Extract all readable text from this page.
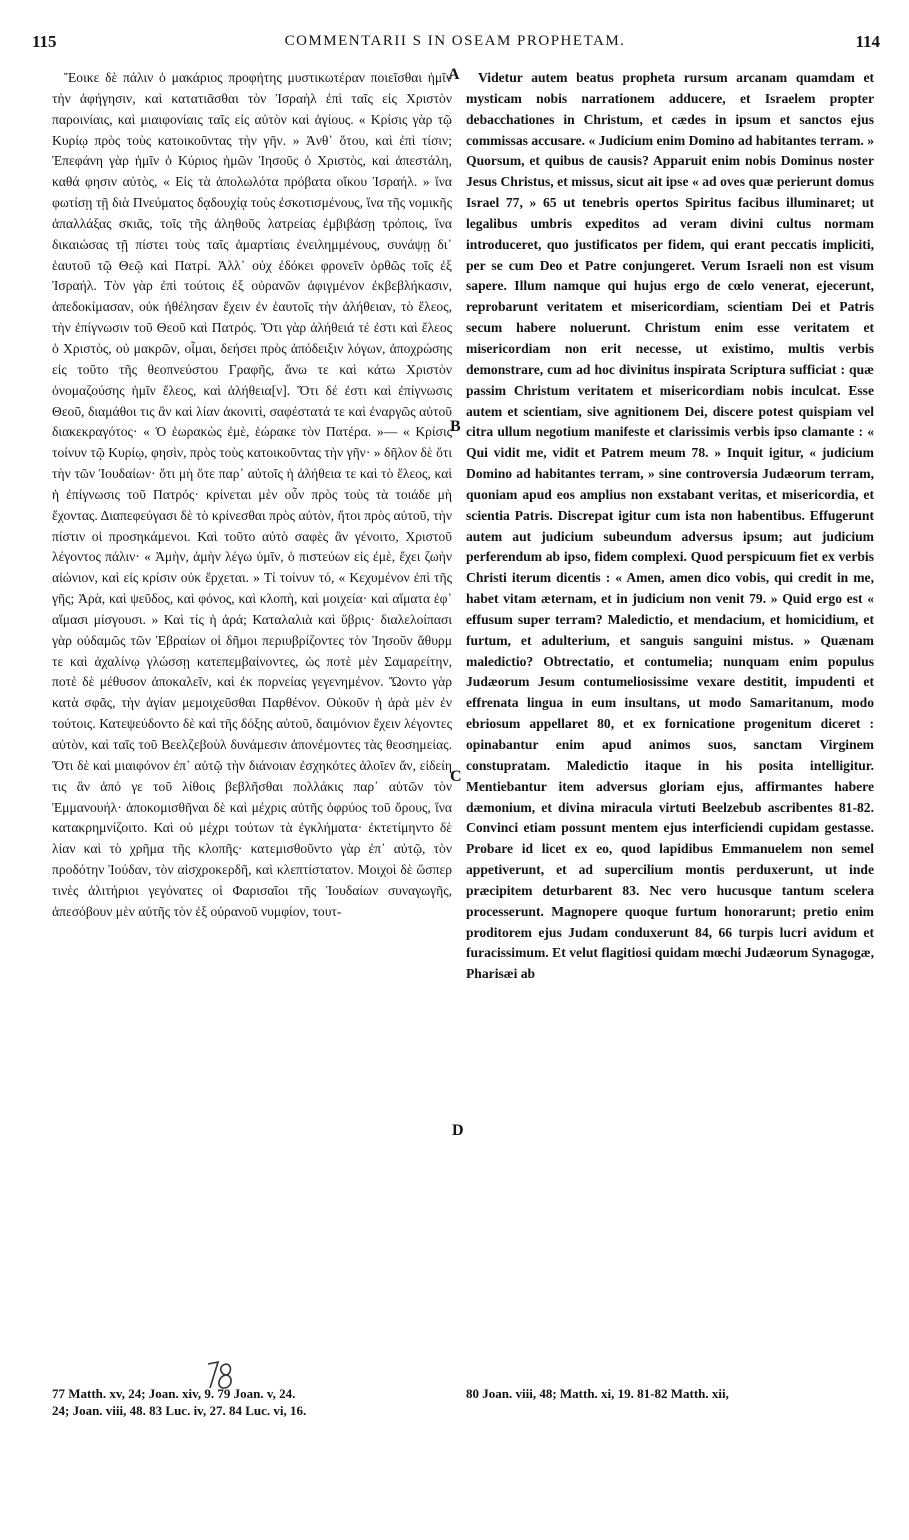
115	COMMENTARII S IN OSEAM PROPHETAM.	114

Ἔοικε δὲ πάλιν ὁ μακάριος προφήτης μυστικωτέραν ποιεῖσθαι ἡμῖν τὴν ἀφήγησιν, καὶ κατατιᾶσθαι τὸν Ἰσραὴλ ἐπὶ ταῖς εἰς Χριστὸν παροινίαις, καὶ μιαιφονίαις ταῖς εἰς αὐτὸν καὶ ἁγίους. « Κρίσις γὰρ τῷ Κυρίῳ πρὸς τοὺς κατοικοῦντας τὴν γῆν. » Ἀνθ᾽ ὅτου, καὶ ἐπὶ τίσιν; Ἐπεφάνη γὰρ ἡμῖν ὁ Κύριος ἡμῶν Ἰησοῦς ὁ Χριστὸς, καὶ ἀπεστάλη, καθά φησιν αὐτὸς, « Εἰς τὰ ἀπολωλότα πρόβατα οἴκου Ἰσραήλ. » ἵνα φωτίσῃ τῇ διὰ Πνεύματος δᾳδουχίᾳ τοὺς ἐσκοτισμένους, ἵνα τῆς νομικῆς ἀπαλλάξας σκιᾶς, τοῖς τῆς ἀληθοῦς λατρείας ἐμβιβάσῃ τρόποις, ἵνα δικαιώσας τῇ πίστει τοὺς ταῖς ἁμαρτίαις ἐνειλημμένους, συνάψῃ δι᾽ ἑαυτοῦ τῷ Θεῷ καὶ Πατρί. Ἀλλ᾽ οὐχ ἐδόκει φρονεῖν ὀρθῶς τοῖς ἐξ Ἰσραήλ. Τὸν γὰρ ἐπὶ τούτοις ἐξ οὐρανῶν ἀφιγμένον ἐκβεβλήκασιν, ἀπεδοκίμασαν, οὐκ ἠθέλησαν ἔχειν ἐν ἑαυτοῖς τὴν ἀλήθειαν, τὸ ἔλεος, τὴν ἐπίγνωσιν τοῦ Θεοῦ καὶ Πατρός. Ὅτι γὰρ ἀλήθειά τέ ἐστι καὶ ἔλεος ὁ Χριστὸς, οὐ μακρῶν, οἶμαι, δεήσει πρὸς ἀπόδειξιν λόγων, ἀποχρώσης εἰς τοῦτο τῆς θεοπνεύστου Γραφῆς, ἄνω τε καὶ κάτω Χριστὸν ὀνομαζούσης ἡμῖν ἔλεος, καὶ ἀλήθεια[ν]. Ὅτι δέ ἐστι καὶ ἐπίγνωσις Θεοῦ, διαμάθοι τις ἂν καὶ λίαν ἀκονιτὶ, σαφέστατά τε καὶ ἐναργῶς αὐτοῦ διακεκραγότος· « Ὁ ἑωρακὼς ἐμὲ, ἑώρακε τὸν Πατέρα. »— « Κρίσις τοίνυν τῷ Κυρίῳ, φησὶν, πρὸς τοὺς κατοικοῦντας τὴν γῆν· » δῆλον δὲ ὅτι τὴν τῶν Ἰουδαίων· ὅτι μὴ ὅτε παρ᾽ αὐτοῖς ἡ ἀλήθεια τε καὶ τὸ ἔλεος, καὶ ἡ ἐπίγνωσις τοῦ Πατρός· κρίνεται μὲν οὖν πρὸς τοὺς τὰ τοιάδε μὴ ἔχοντας. Διαπεφεύγασι δὲ τὸ κρίνεσθαι πρὸς αὐτὸν, ἤτοι πρὸς αὐτοῦ, τὴν πίστιν οἱ προσηκάμενοι. Καὶ τοῦτο αὐτὸ σαφὲς ἂν γένοιτο, Χριστοῦ λέγοντος πάλιν· « Ἀμὴν, ἀμὴν λέγω ὑμῖν, ὁ πιστεύων εἰς ἐμὲ, ἔχει ζωὴν αἰώνιον, καὶ εἰς κρίσιν οὐκ ἔρχεται. » Τί τοίνυν τό, « Κεχυμένον ἐπὶ τῆς γῆς; Ἀρὰ, καὶ ψεῦδος, καὶ φόνος, καὶ κλοπὴ, καὶ μοιχεία· καὶ αἵματα ἐφ᾽ αἵμασι μίσγουσι. » Καὶ τίς ἡ ἀρά; Καταλαλιὰ καὶ ὕβρις· διαλελοίπασι γὰρ οὐδαμῶς τῶν Ἑβραίων οἱ δῆμοι περιυβρίζοντες τὸν Ἰησοῦν ἄθυρμ τε καὶ ἀχαλίνῳ γλώσσῃ κατεπεμβαίνοντες, ὡς ποτὲ μὲν Σαμαρείτην, ποτὲ δὲ μέθυσον ἀποκαλεῖν, καὶ ἐκ πορνείας γεγενημένον. Ὤοντο γὰρ κατὰ σφᾶς, τὴν ἁγίαν μεμοιχεῦσθαι Παρθένον. Οὐκοῦν ἡ ἀρὰ μὲν ἐν τούτοις. Κατεψεύδοντο δὲ καὶ τῆς δόξης αὐτοῦ, δαιμόνιον ἔχειν λέγοντες αὐτὸν, καὶ ταῖς τοῦ Βεελζεβοὺλ δυνάμεσιν ἀπονέμοντες τὰς θεοσημείας. Ὅτι δὲ καὶ μιαιφόνον ἐπ᾽ αὐτῷ τὴν διάνοιαν ἐσχηκότες ἁλοῖεν ἄν, εἰδείη τις ἂν ἀπό γε τοῦ λίθοις βεβλῆσθαι πολλάκις παρ᾽ αὐτῶν τὸν Ἐμμανουήλ· ἀποκομισθῆναι δὲ καὶ μέχρις αὐτῆς ὀφρύος τοῦ ὄρους, ἵνα κατακρημνίζοιτο. Καὶ οὐ μέχρι τούτων τὰ ἐγκλήματα· ἐκτετίμηντο δὲ λίαν καὶ τὸ χρῆμα τῆς κλοπῆς· κατεμισθοῦντο γὰρ ἐπ᾽ αὐτῷ, τὸν προδότην Ἰούδαν, τὸν αἰσχροκερδῆ, καὶ κλεπτίστατον. Μοιχοὶ δὲ ὥσπερ τινὲς ἀλιτήριοι γεγόνατες οἱ Φαρισαῖοι τῆς Ἰουδαίων συναγωγῆς, ἀπεσόβουν μὲν αὐτῆς τὸν ἐξ οὐρανοῦ νυμφίον, τουτ-

A
B
C
D

Videtur autem beatus propheta rursum arcanam quamdam et mysticam nobis narrationem adducere, et Israelem propter debacchationes in Christum, et cædes in ipsum et sanctos ejus commissas accusare. « Judicium enim Domino ad habitantes terram. » Quorsum, et quibus de causis? Apparuit enim nobis Dominus noster Jesus Christus, et missus, sicut ait ipse « ad oves quæ perierunt domus Israel 77, » 65 ut tenebris opertos Spiritus facibus illuminaret; ut legalibus umbris expeditos ad veram divini cultus normam introduceret, quo justificatos per fidem, qui erant peccatis impliciti, per se cum Deo et Patre conjungeret. Verum Israeli non est visum sapere. Illum namque qui hujus ergo de cœlo venerat, ejecerunt, reprobarunt veritatem et misericordiam, scientiam Dei et Patris secum habere noluerunt. Christum enim esse veritatem et misericordiam non erit necesse, ut existimo, multis verbis demonstrare, cum ad hoc divinitus inspirata Scriptura sufficiat : quæ passim Christum veritatem et misericordiam nobis inculcat. Esse autem et scientiam, sive agnitionem Dei, discere potest quispiam vel citra ullum negotium manifeste et clarissimis verbis ipso clamante : « Qui vidit me, vidit et Patrem meum 78. » Inquit igitur, « judicium Domino ad habitantes terram, » sine controversia Judæorum terram, quoniam apud eos amplius non exstabant veritas, et misericordia, et scientia Patris. Discrepat igitur cum ista non habentibus. Effugerunt autem aut judicium subeundum adversus ipsum; aut judicium perferendum ab ipso, fidem complexi. Quod perspicuum fiet ex verbis Christi iterum dicentis : « Amen, amen dico vobis, qui credit in me, habet vitam æternam, et in judicium non venit 79. » Quid ergo est « effusum super terram? Maledictio, et mendacium, et homicidium, et furtum, et adulterium, et sanguis sanguini mistus. » Quænam maledictio? Obtrectatio, et contumelia; nunquam enim populus Judæorum Jesum contumeliosissime vexare destitit, impudenti et effrenata lingua in eum insultans, ut modo Samaritanum, modo ebriosum appellaret 80, et ex fornicatione progenitum diceret : opinabantur enim apud animos suos, sanctam Virginem constupratam. Maledictio itaque in his posita intelligitur. Mentiebantur item adversus gloriam ejus, affirmantes habere dæmonium, et divina miracula virtuti Beelzebub ascribentes 81-82. Convinci etiam possunt mentem ejus interficiendi cupidam gestasse. Probare id licet ex eo, quod lapidibus Emmanuelem non semel appetiverunt, et ad supercilium montis perduxerunt, ut inde præcipitem deturbarent 83. Nec vero hucusque tantum scelera processerunt. Magnopere quoque furtum honorarunt; pretio enim proditorem ejus Judam conduxerunt 84, 66 turpis lucri avidum et furacissimum. Et velut flagitiosi quidam mœchi Judæorum Synagogæ, Pharisæi ab

77 Matth. xv, 24; Joan. xiv, 9. 79 Joan. v, 24.
24; Joan. viii, 48. 83 Luc. iv, 27. 84 Luc. vi, 16.
80 Joan. viii, 48; Matth. xi, 19. 81-82 Matth. xii,
